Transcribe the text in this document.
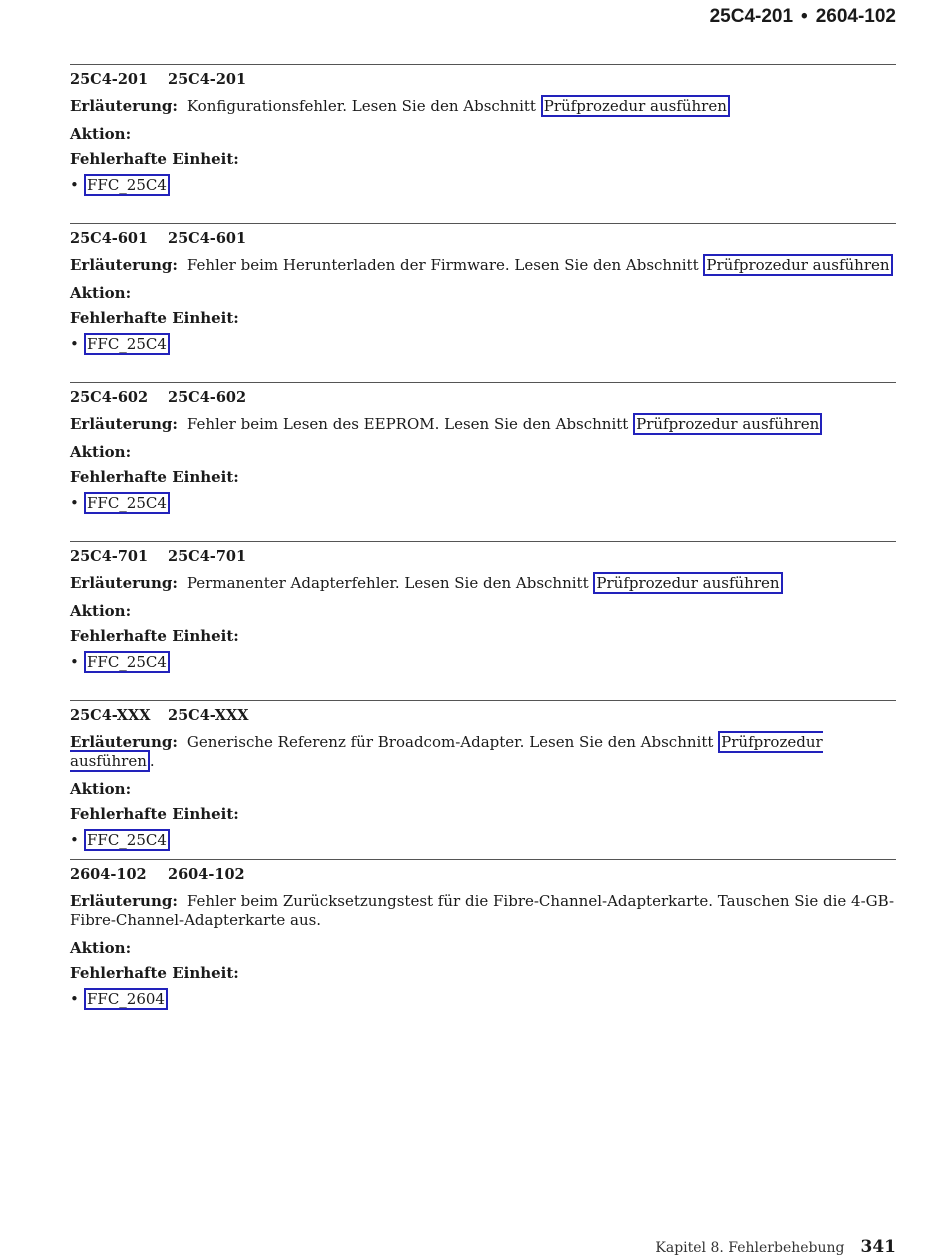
25C4-201 • 2604-102
25C4-201 25C4-201
Erläuterung: Konfigurationsfehler. Lesen Sie den Abschnitt Prüfprozedur ausführen
Aktion:
Fehlerhafte Einheit:
• FFC_25C4
25C4-601 25C4-601
Erläuterung: Fehler beim Herunterladen der Firmware. Lesen Sie den Abschnitt Prüfprozedur ausführen
Aktion:
Fehlerhafte Einheit:
• FFC_25C4
25C4-602 25C4-602
Erläuterung: Fehler beim Lesen des EEPROM. Lesen Sie den Abschnitt Prüfprozedur ausführen
Aktion:
Fehlerhafte Einheit:
• FFC_25C4
25C4-701 25C4-701
Erläuterung: Permanenter Adapterfehler. Lesen Sie den Abschnitt Prüfprozedur ausführen
Aktion:
Fehlerhafte Einheit:
• FFC_25C4
25C4-XXX 25C4-XXX
Erläuterung: Generische Referenz für Broadcom-Adapter. Lesen Sie den Abschnitt Prüfprozedur ausführen .
Aktion:
Fehlerhafte Einheit:
• FFC_25C4
2604-102 2604-102
Erläuterung: Fehler beim Zurücksetzungstest für die Fibre-Channel-Adapterkarte. Tauschen Sie die 4-GB-Fibre-Channel-Adapterkarte aus.
Aktion:
Fehlerhafte Einheit:
• FFC_2604
Kapitel 8. Fehlerbehebung 341
